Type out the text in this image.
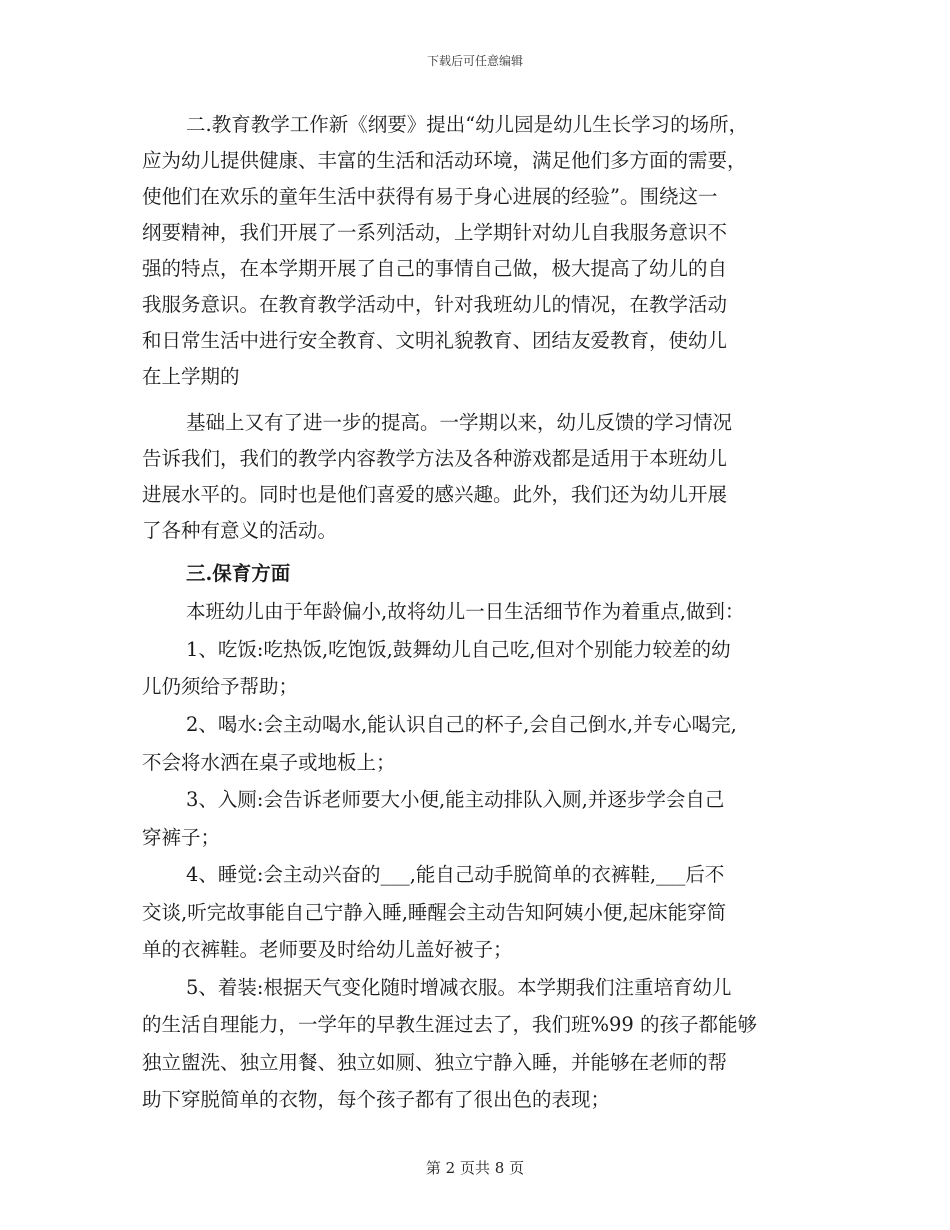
下载后可任意编辑
二.教育教学工作新《纲要》提出“幼儿园是幼儿生长学习的场所，
应为幼儿提供健康、丰富的生活和活动环境，满足他们多方面的需要，
使他们在欢乐的童年生活中获得有易于身心进展的经验”。围绕这一
纲要精神，我们开展了一系列活动，上学期针对幼儿自我服务意识不
强的特点，在本学期开展了自己的事情自己做，极大提高了幼儿的自
我服务意识。在教育教学活动中，针对我班幼儿的情况，在教学活动
和日常生活中进行安全教育、文明礼貌教育、团结友爱教育，使幼儿
在上学期的
基础上又有了进一步的提高。一学期以来，幼儿反馈的学习情况
告诉我们，我们的教学内容教学方法及各种游戏都是适用于本班幼儿
进展水平的。同时也是他们喜爱的感兴趣。此外，我们还为幼儿开展
了各种有意义的活动。
三.保育方面
本班幼儿由于年龄偏小,故将幼儿一日生活细节作为着重点,做到：
1、吃饭:吃热饭,吃饱饭,鼓舞幼儿自己吃,但对个别能力较差的幼
儿仍须给予帮助；
2、喝水:会主动喝水,能认识自己的杯子,会自己倒水,并专心喝完,
不会将水洒在桌子或地板上；
3、入厕:会告诉老师要大小便,能主动排队入厕,并逐步学会自己
穿裤子；
4、睡觉:会主动兴奋的___,能自己动手脱简单的衣裤鞋,___后不
交谈,听完故事能自己宁静入睡,睡醒会主动告知阿姨小便,起床能穿简
单的衣裤鞋。老师要及时给幼儿盖好被子；
5、着装:根据天气变化随时增减衣服。本学期我们注重培育幼儿
的生活自理能力，一学年的早教生涯过去了，我们班%99 的孩子都能够
独立盥洗、独立用餐、独立如厕、独立宁静入睡，并能够在老师的帮
助下穿脱简单的衣物，每个孩子都有了很出色的表现；
第 2 页共 8 页
